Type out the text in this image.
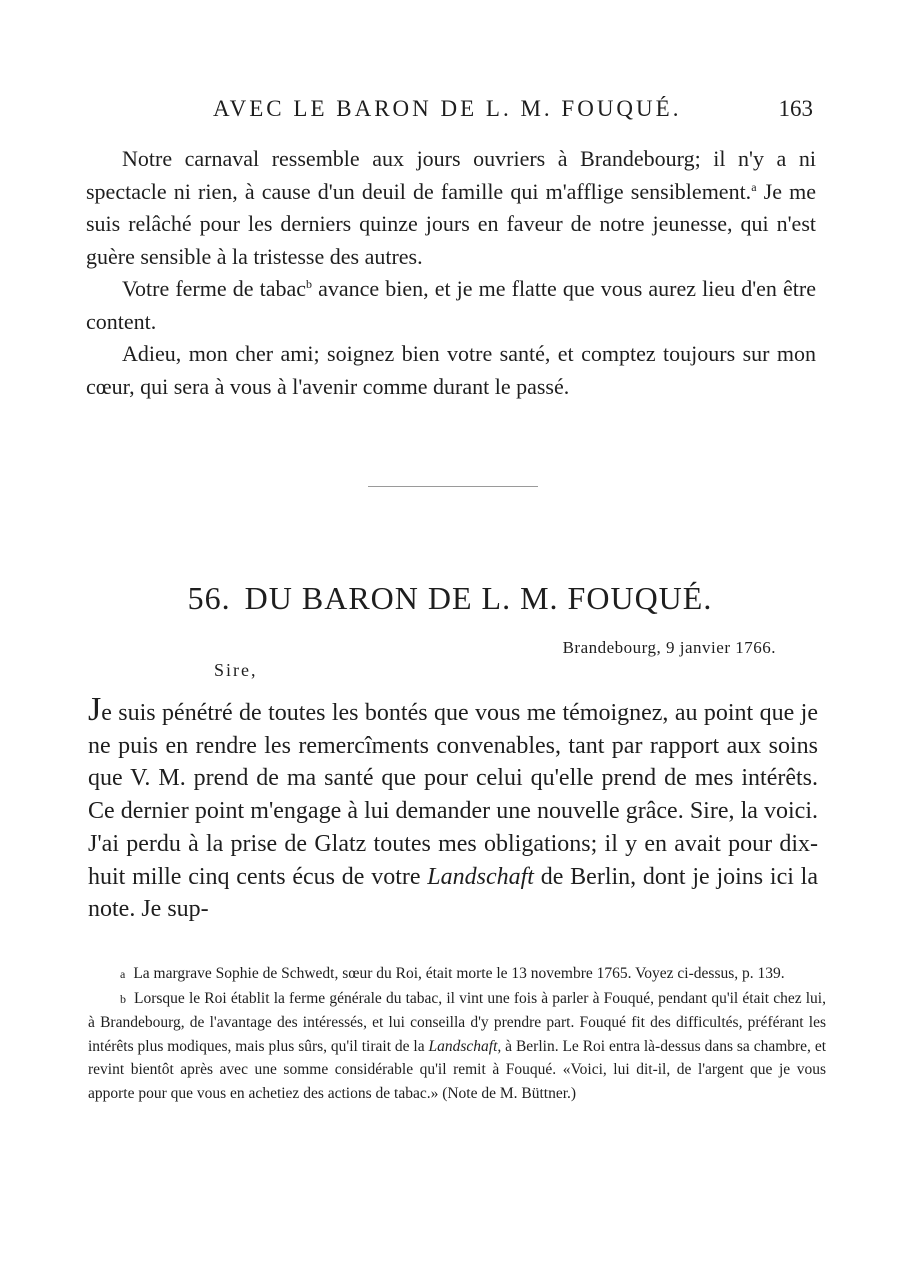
AVEC LE BARON DE L. M. FOUQUÉ.	163

Notre carnaval ressemble aux jours ouvriers à Brandebourg; il n'y a ni spectacle ni rien, à cause d'un deuil de famille qui m'afflige sensiblement.$^a$ Je me suis relâché pour les derniers quinze jours en faveur de notre jeunesse, qui n'est guère sensible à la tristesse des autres.

Votre ferme de tabac$^b$ avance bien, et je me flatte que vous aurez lieu d'en être content.

Adieu, mon cher ami; soignez bien votre santé, et comptez toujours sur mon cœur, qui sera à vous à l'avenir comme durant le passé.

56. DU BARON DE L. M. FOUQUÉ.
Brandebourg, 9 janvier 1766.
Sire,

Je suis pénétré de toutes les bontés que vous me témoignez, au point que je ne puis en rendre les remercîments convenables, tant par rapport aux soins que V. M. prend de ma santé que pour celui qu'elle prend de mes intérêts. Ce dernier point m'engage à lui demander une nouvelle grâce. Sire, la voici. J'ai perdu à la prise de Glatz toutes mes obligations; il y en avait pour dix-huit mille cinq cents écus de votre Landschaft de Berlin, dont je joins ici la note. Je sup-

a La margrave Sophie de Schwedt, sœur du Roi, était morte le 13 novembre 1765. Voyez ci-dessus, p. 139.

b Lorsque le Roi établit la ferme générale du tabac, il vint une fois à parler à Fouqué, pendant qu'il était chez lui, à Brandebourg, de l'avantage des intéressés, et lui conseilla d'y prendre part. Fouqué fit des difficultés, préférant les intérêts plus modiques, mais plus sûrs, qu'il tirait de la Landschaft, à Berlin. Le Roi entra là-dessus dans sa chambre, et revint bientôt après avec une somme considérable qu'il remit à Fouqué. «Voici, lui dit-il, de l'argent que je vous apporte pour que vous en achetiez des actions de tabac.» (Note de M. Büttner.)
